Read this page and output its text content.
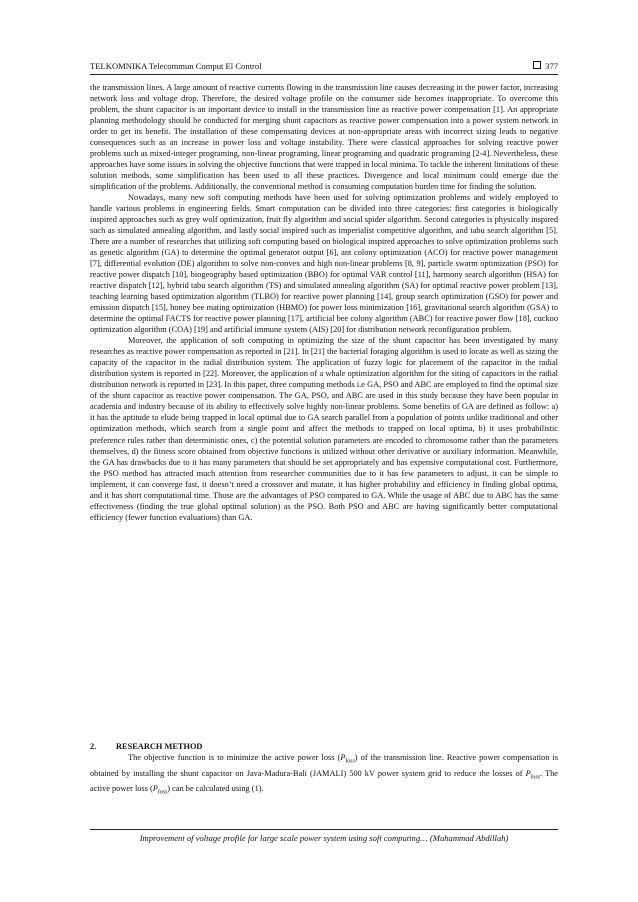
TELKOMNIKA Telecommun Comput El Control	377

the transmission lines. A large amount of reactive currents flowing in the transmission line causes decreasing in the power factor, increasing network loss and voltage drop. Therefore, the desired voltage profile on the consumer side becomes inappropriate. To overcome this problem, the shunt capacitor is an important device to install in the transmission line as reactive power compensation [1]. An appropriate planning methodology should be conducted for merging shunt capacitors as reactive power compensation into a power system network in order to get its benefit. The installation of these compensating devices at non-appropriate areas with incorrect sizing leads to negative consequences such as an increase in power loss and voltage instability. There were classical approaches for solving reactive power problems such as mixed-integer programing, non-linear programing, linear programing and quadratic programing [2-4]. Nevertheless, these approaches have some issues in solving the objective functions that were trapped in local minima. To tackle the inherent limitations of these solution methods, some simplification has been used to all these practices. Divergence and local minimum could emerge due the simplification of the problems. Additionally, the conventional method is consuming computation burden time for finding the solution.

Nowadays, many new soft computing methods have been used for solving optimization problems and widely employed to handle various problems in engineering fields. Smart computation can be divided into three categories: first categories is biologically inspired approaches such as grey wolf optimization, fruit fly algorithm and social spider algorithm. Second categories is physically inspired such as simulated annealing algorithm, and lastly social inspired such as imperialist competitive algorithm, and tabu search algorithm [5]. There are a number of researches that utilizing soft computing based on biological inspired approaches to solve optimization problems such as genetic algorithm (GA) to determine the optimal generator output [6], ant colony optimization (ACO) for reactive power management [7], differential evolution (DE) algorithm to solve non-convex and high non-linear problems [8, 9], particle swarm optimization (PSO) for reactive power dispatch [10], biogeography based optimization (BBO) for optimal VAR control [11], harmony search algorithm (HSA) for reactive dispatch [12], hybrid tabu search algorithm (TS) and simulated annealing algorithm (SA) for optimal reactive power problem [13], teaching learning based optimization algorithm (TLBO) for reactive power planning [14], group search optimization (GSO) for power and emission dispatch [15], honey bee mating optimization (HBMO) for power loss minimization [16], gravitational search algorithm (GSA) to determine the optimal FACTS for reactive power planning [17], artificial bee colony algorithm (ABC) for reactive power flow [18], cuckoo optimization algorithm (COA) [19] and artificial immune system (AIS) [20] for distribution network reconfiguration problem.

Moreover, the application of soft computing in optimizing the size of the shunt capacitor has been investigated by many researches as reactive power compensation as reported in [21]. In [21] the bacterial foraging algorithm is used to locate as well as sizing the capacity of the capacitor in the radial distribution system. The application of fuzzy logic for placement of the capacitor in the radial distribution system is reported in [22]. Moreover, the application of a whale optimization algorithm for the siting of capacitors in the radial distribution network is reported in [23]. In this paper, three computing methods i.e GA, PSO and ABC are employed to find the optimal size of the shunt capacitor as reactive power compensation. The GA, PSO, and ABC are used in this study because they have been popular in academia and industry because of its ability to effectively solve highly non-linear problems. Some benefits of GA are defined as follow: a) it has the aptitude to elude being trapped in local optimal due to GA search parallel from a population of points unlike traditional and other optimization methods, which search from a single point and affect the methods to trapped on local optima, b) it uses probabilistic preference rules rather than deterministic ones, c) the potential solution parameters are encoded to chromosome rather than the parameters themselves, d) the fitness score obtained from objective functions is utilized without other derivative or auxiliary information. Meanwhile, the GA has drawbacks due to it has many parameters that should be set appropriately and has expensive computational cost. Furthermore, the PSO method has attracted much attention from researcher communities due to it has few parameters to adjust, it can be simple to implement, it can converge fast, it doesn’t need a crossover and mutate, it has higher probability and efficiency in finding global optima, and it has short computational time. Those are the advantages of PSO compared to GA. While the usage of ABC due to ABC has the same effectiveness (finding the true global optimal solution) as the PSO. Both PSO and ABC are having significantly better computational efficiency (fewer function evaluations) than GA.

2. RESEARCH METHOD

The objective function is to minimize the active power loss $(P_{loss})$ of the transmission line. Reactive power compensation is obtained by installing the shunt capacitor on Java-Madura-Bali (JAMALI) 500 kV power system grid to reduce the losses of $P_{loss}$. The active power loss $(P_{loss})$ can be calculated using (1).

Improvement of voltage profile for large scale power system using soft computing… (Muhammad Abdillah)
